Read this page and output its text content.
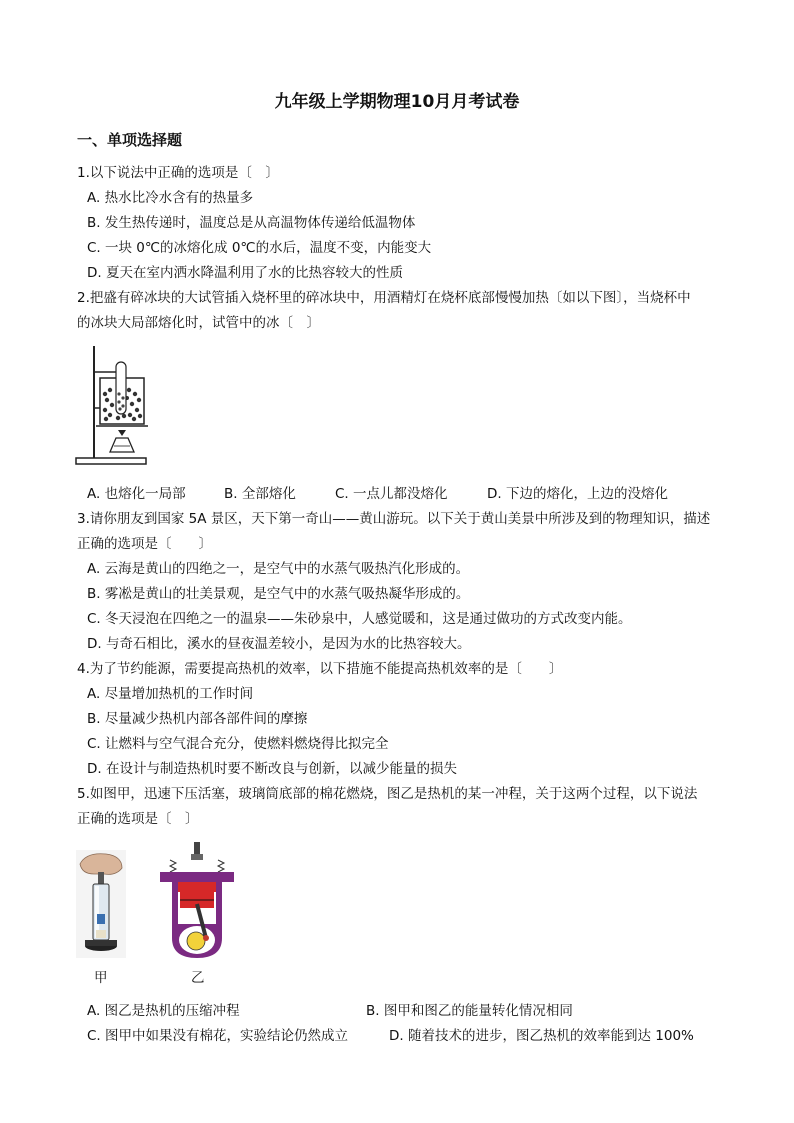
九年级上学期物理10月月考试卷
一、单项选择题
1.以下说法中正确的选项是〔　〕
A. 热水比冷水含有的热量多
B. 发生热传递时，温度总是从高温物体传递给低温物体
C. 一块 0℃的冰熔化成 0℃的水后，温度不变，内能变大
D. 夏天在室内洒水降温利用了水的比热容较大的性质
2.把盛有碎冰块的大试管插入烧杯里的碎冰块中，用酒精灯在烧杯底部慢慢加热〔如以下图〕，当烧杯中
的冰块大局部熔化时，试管中的冰〔　〕
A. 也熔化一局部	B. 全部熔化	C. 一点儿都没熔化	D. 下边的熔化，上边的没熔化
3.请你朋友到国家 5A 景区，天下第一奇山——黄山游玩。以下关于黄山美景中所涉及到的物理知识，描述
正确的选项是〔　　〕
A. 云海是黄山的四绝之一，是空气中的水蒸气吸热汽化形成的。
B. 雾凇是黄山的壮美景观，是空气中的水蒸气吸热凝华形成的。
C. 冬天浸泡在四绝之一的温泉——朱砂泉中，人感觉暖和，这是通过做功的方式改变内能。
D. 与奇石相比，溪水的昼夜温差较小，是因为水的比热容较大。
4.为了节约能源，需要提高热机的效率，以下措施不能提高热机效率的是〔　　〕
A. 尽量增加热机的工作时间
B. 尽量减少热机内部各部件间的摩擦
C. 让燃料与空气混合充分，使燃料燃烧得比拟完全
D. 在设计与制造热机时要不断改良与创新，以减少能量的损失
5.如图甲，迅速下压活塞，玻璃筒底部的棉花燃烧，图乙是热机的某一冲程，关于这两个过程，以下说法
正确的选项是〔　〕
甲	乙
A. 图乙是热机的压缩冲程	B. 图甲和图乙的能量转化情况相同
C. 图甲中如果没有棉花，实验结论仍然成立	D. 随着技术的进步，图乙热机的效率能到达 100%
